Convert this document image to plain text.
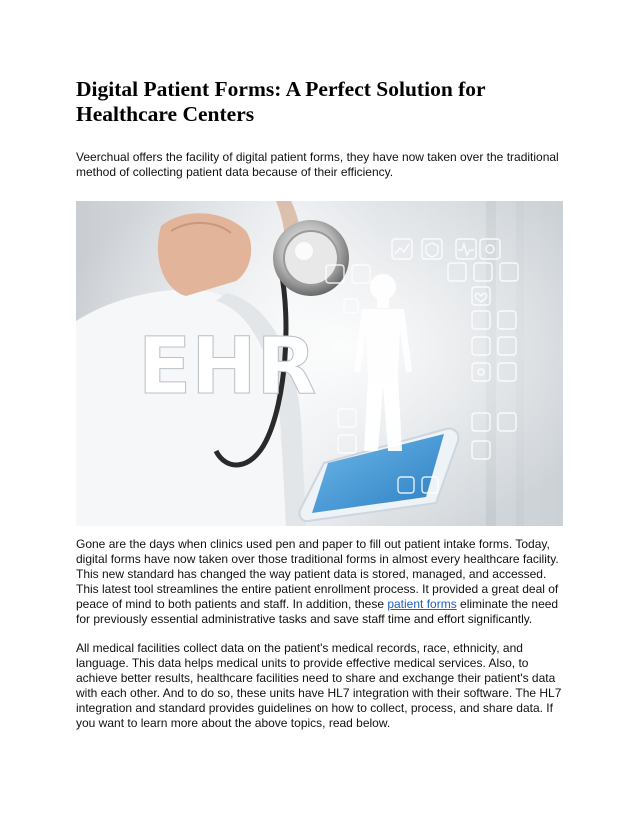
Digital Patient Forms: A Perfect Solution for Healthcare Centers

Veerchual offers the facility of digital patient forms, they have now taken over the traditional method of collecting patient data because of their efficiency.

EHR

Gone are the days when clinics used pen and paper to fill out patient intake forms. Today, digital forms have now taken over those traditional forms in almost every healthcare facility. This new standard has changed the way patient data is stored, managed, and accessed. This latest tool streamlines the entire patient enrollment process. It provided a great deal of peace of mind to both patients and staff. In addition, these patient forms eliminate the need for previously essential administrative tasks and save staff time and effort significantly.

All medical facilities collect data on the patient's medical records, race, ethnicity, and language. This data helps medical units to provide effective medical services. Also, to achieve better results, healthcare facilities need to share and exchange their patient's data with each other. And to do so, these units have HL7 integration with their software. The HL7 integration and standard provides guidelines on how to collect, process, and share data. If you want to learn more about the above topics, read below.
